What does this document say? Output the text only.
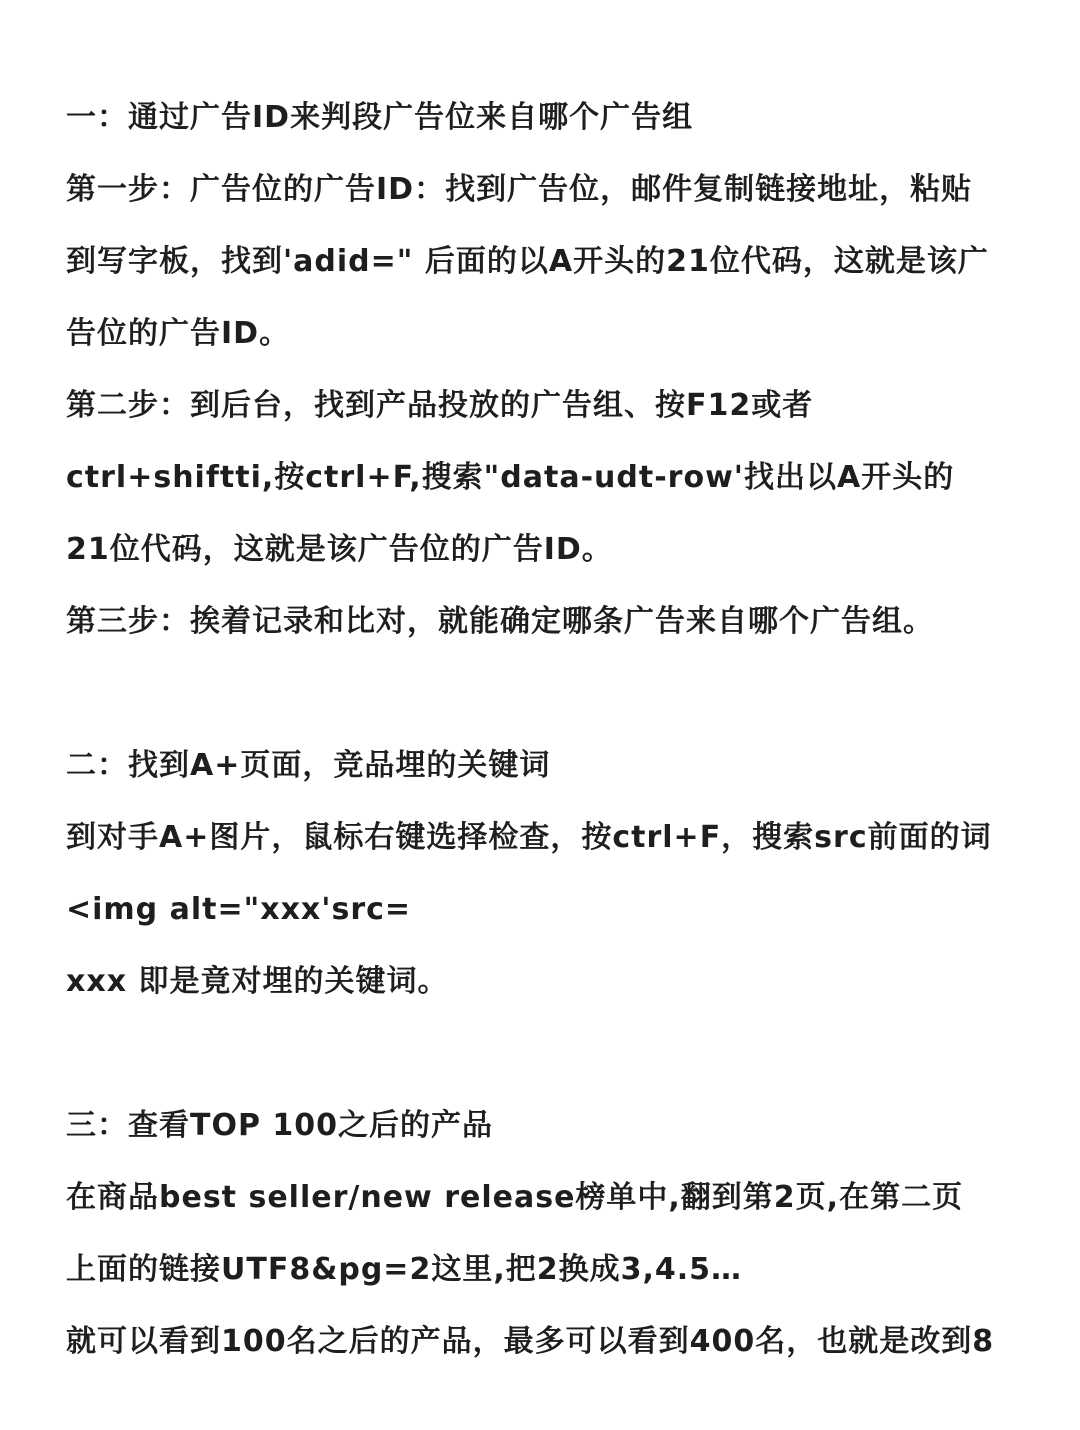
一：通过广告ID来判段广告位来自哪个广告组
第一步：广告位的广告ID：找到广告位，邮件复制链接地址，粘贴
到写字板，找到'adid=" 后面的以A开头的21位代码，这就是该广
告位的广告ID。
第二步：到后台，找到产品投放的广告组、按F12或者
ctrl+shiftti,按ctrl+F,搜索"data-udt-row'找出以A开头的
21位代码，这就是该广告位的广告ID。
第三步：挨着记录和比对，就能确定哪条广告来自哪个广告组。
二：找到A+页面，竞品埋的关键词
到对手A+图片，鼠标右键选择检查，按ctrl+F，搜索src前面的词
<img alt="xxx'src=
xxx 即是竟对埋的关键词。
三：查看TOP 100之后的产品
在商品best seller/new release榜单中,翻到第2页,在第二页
上面的链接UTF8&pg=2这里,把2换成3,4.5…
就可以看到100名之后的产品，最多可以看到400名，也就是改到8
